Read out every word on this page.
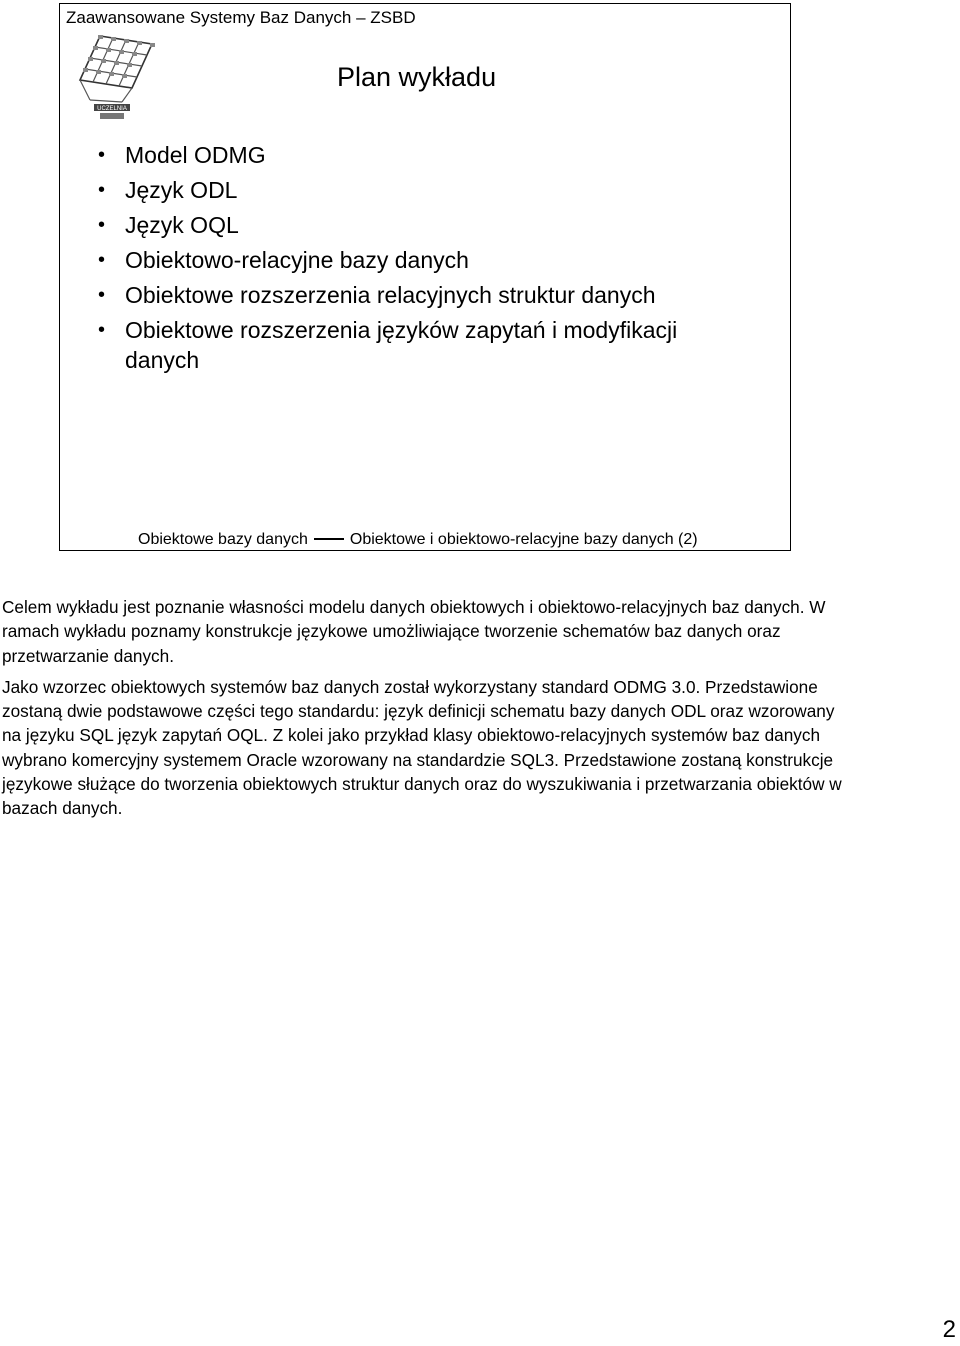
Zaawansowane Systemy Baz Danych – ZSBD
UCZELNIA
Plan wykładu
• Model ODMG
• Język ODL
• Język OQL
• Obiektowo-relacyjne bazy danych
• Obiektowe rozszerzenia relacyjnych struktur danych
• Obiektowe rozszerzenia języków zapytań i modyfikacji danych
Obiektowe bazy danych	Obiektowe i obiektowo-relacyjne bazy danych (2)

Celem wykładu jest poznanie własności modelu danych obiektowych i obiektowo-relacyjnych baz danych. W ramach wykładu poznamy konstrukcje językowe umożliwiające tworzenie schematów baz danych oraz przetwarzanie danych.

Jako wzorzec obiektowych systemów baz danych został wykorzystany standard ODMG 3.0. Przedstawione zostaną dwie podstawowe części tego standardu: język definicji schematu bazy danych ODL oraz wzorowany na języku SQL język zapytań OQL. Z kolei jako przykład klasy obiektowo-relacyjnych systemów baz danych wybrano komercyjny systemem Oracle wzorowany na standardzie SQL3. Przedstawione zostaną konstrukcje językowe służące do tworzenia obiektowych struktur danych oraz do wyszukiwania i przetwarzania obiektów w bazach danych.

2
